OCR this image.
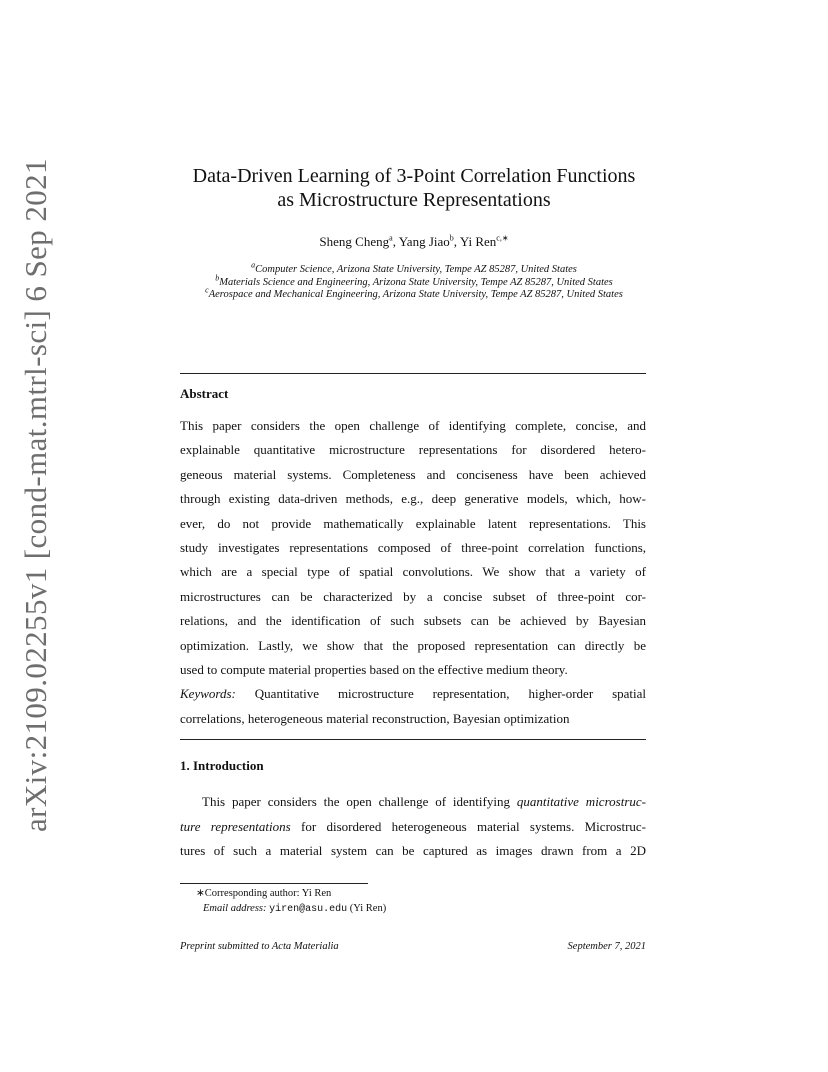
arXiv:2109.02255v1 [cond-mat.mtrl-sci] 6 Sep 2021	Data-Driven Learning of 3-Point Correlation Functions
as Microstructure Representations
Sheng Cheng$^a$, Yang Jiao$^b$, Yi Ren$^{c,∗}$
$^a$Computer Science, Arizona State University, Tempe AZ 85287, United States
$^b$Materials Science and Engineering, Arizona State University, Tempe AZ 85287, United States
$^c$Aerospace and Mechanical Engineering, Arizona State University, Tempe AZ 85287, United States
Abstract
This paper considers the open challenge of identifying complete, concise, and
explainable quantitative microstructure representations for disordered hetero-
geneous material systems. Completeness and conciseness have been achieved
through existing data-driven methods, e.g., deep generative models, which, how-
ever, do not provide mathematically explainable latent representations. This
study investigates representations composed of three-point correlation functions,
which are a special type of spatial convolutions. We show that a variety of
microstructures can be characterized by a concise subset of three-point cor-
relations, and the identification of such subsets can be achieved by Bayesian
optimization. Lastly, we show that the proposed representation can directly be
used to compute material properties based on the effective medium theory.
Keywords: Quantitative microstructure representation, higher-order spatial
correlations, heterogeneous material reconstruction, Bayesian optimization
1. Introduction
This paper considers the open challenge of identifying quantitative microstruc-
ture representations for disordered heterogeneous material systems. Microstruc-
tures of such a material system can be captured as images drawn from a 2D
∗Corresponding author: Yi Ren
Email address: yiren@asu.edu (Yi Ren)
Preprint submitted to Acta Materialia	September 7, 2021
